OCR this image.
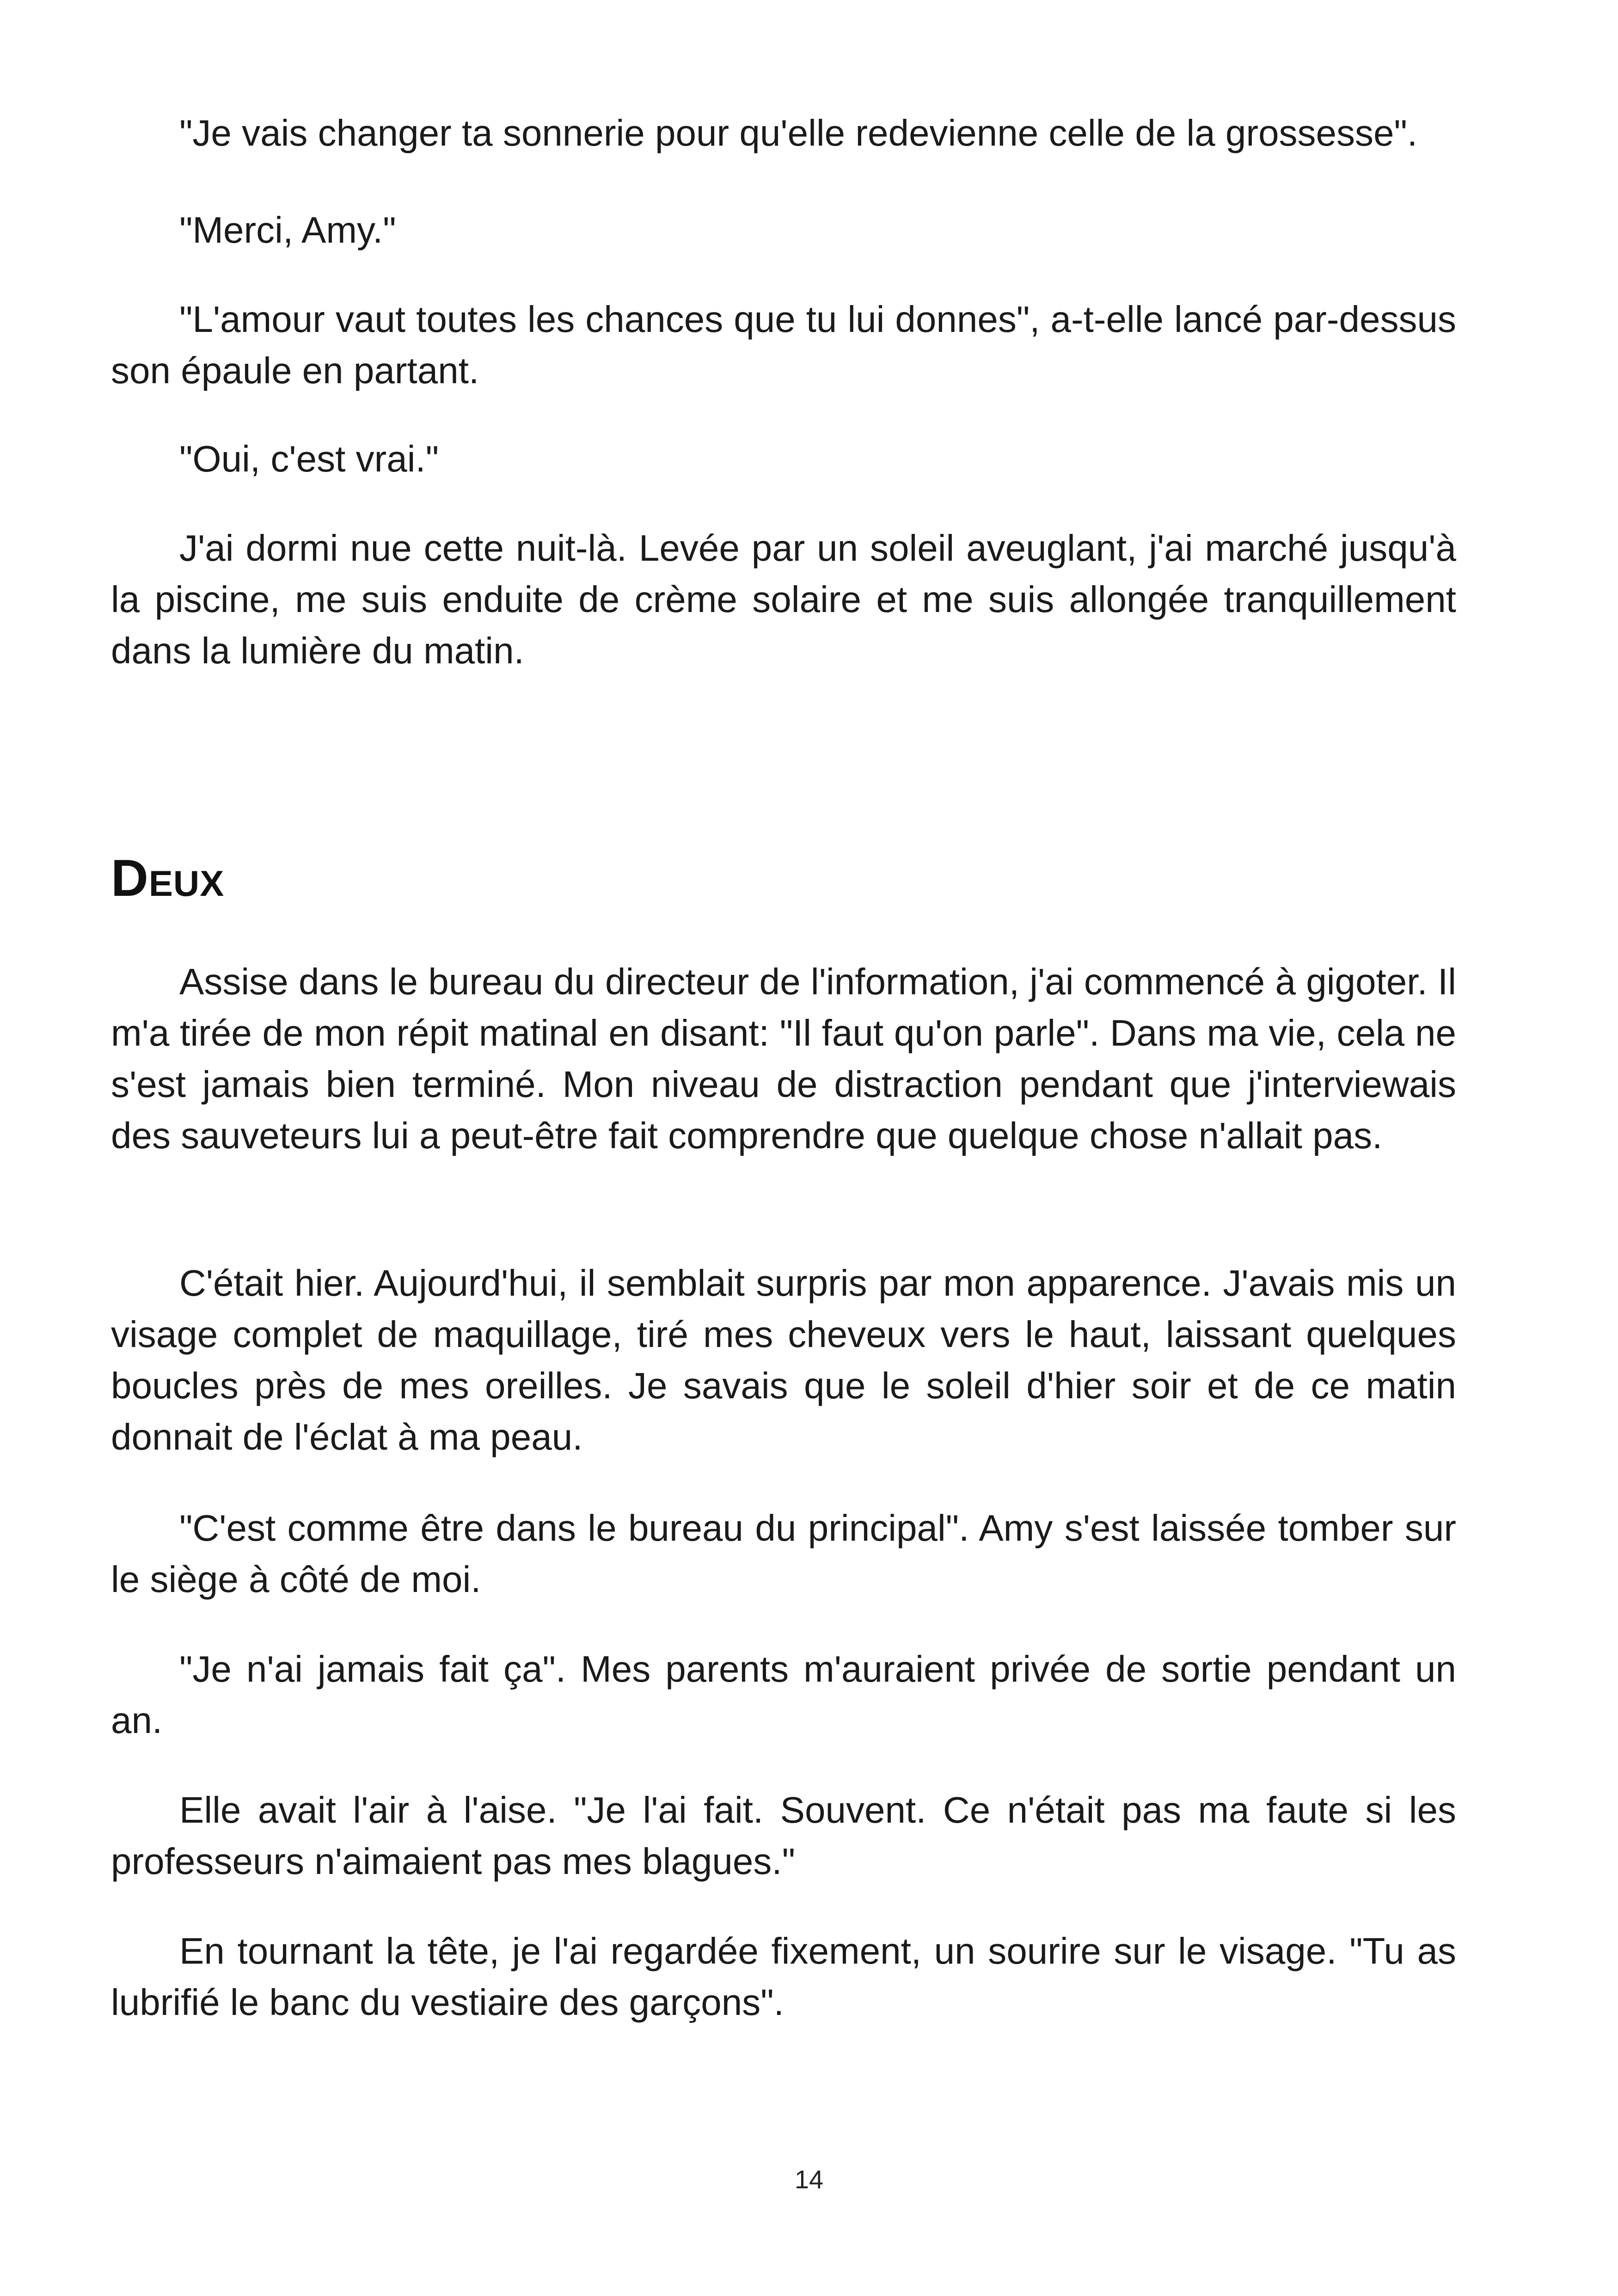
"Je vais changer ta sonnerie pour qu'elle redevienne celle de la grossesse".

"Merci, Amy."

"L'amour vaut toutes les chances que tu lui donnes", a-t-elle lancé par-dessus son épaule en partant.

"Oui, c'est vrai."

J'ai dormi nue cette nuit-là. Levée par un soleil aveuglant, j'ai marché jusqu'à la piscine, me suis enduite de crème solaire et me suis allongée tranquillement dans la lumière du matin.

Deux

Assise dans le bureau du directeur de l'information, j'ai commencé à gigoter. Il m'a tirée de mon répit matinal en disant: "Il faut qu'on parle". Dans ma vie, cela ne s'est jamais bien terminé. Mon niveau de distraction pendant que j'interviewais des sauveteurs lui a peut-être fait comprendre que quelque chose n'allait pas.

C'était hier. Aujourd'hui, il semblait surpris par mon apparence. J'avais mis un visage complet de maquillage, tiré mes cheveux vers le haut, laissant quelques boucles près de mes oreilles. Je savais que le soleil d'hier soir et de ce matin donnait de l'éclat à ma peau.

"C'est comme être dans le bureau du principal". Amy s'est laissée tomber sur le siège à côté de moi.

"Je n'ai jamais fait ça". Mes parents m'auraient privée de sortie pendant un an.

Elle avait l'air à l'aise. "Je l'ai fait. Souvent. Ce n'était pas ma faute si les professeurs n'aimaient pas mes blagues."

En tournant la tête, je l'ai regardée fixement, un sourire sur le visage. "Tu as lubrifié le banc du vestiaire des garçons".

14
